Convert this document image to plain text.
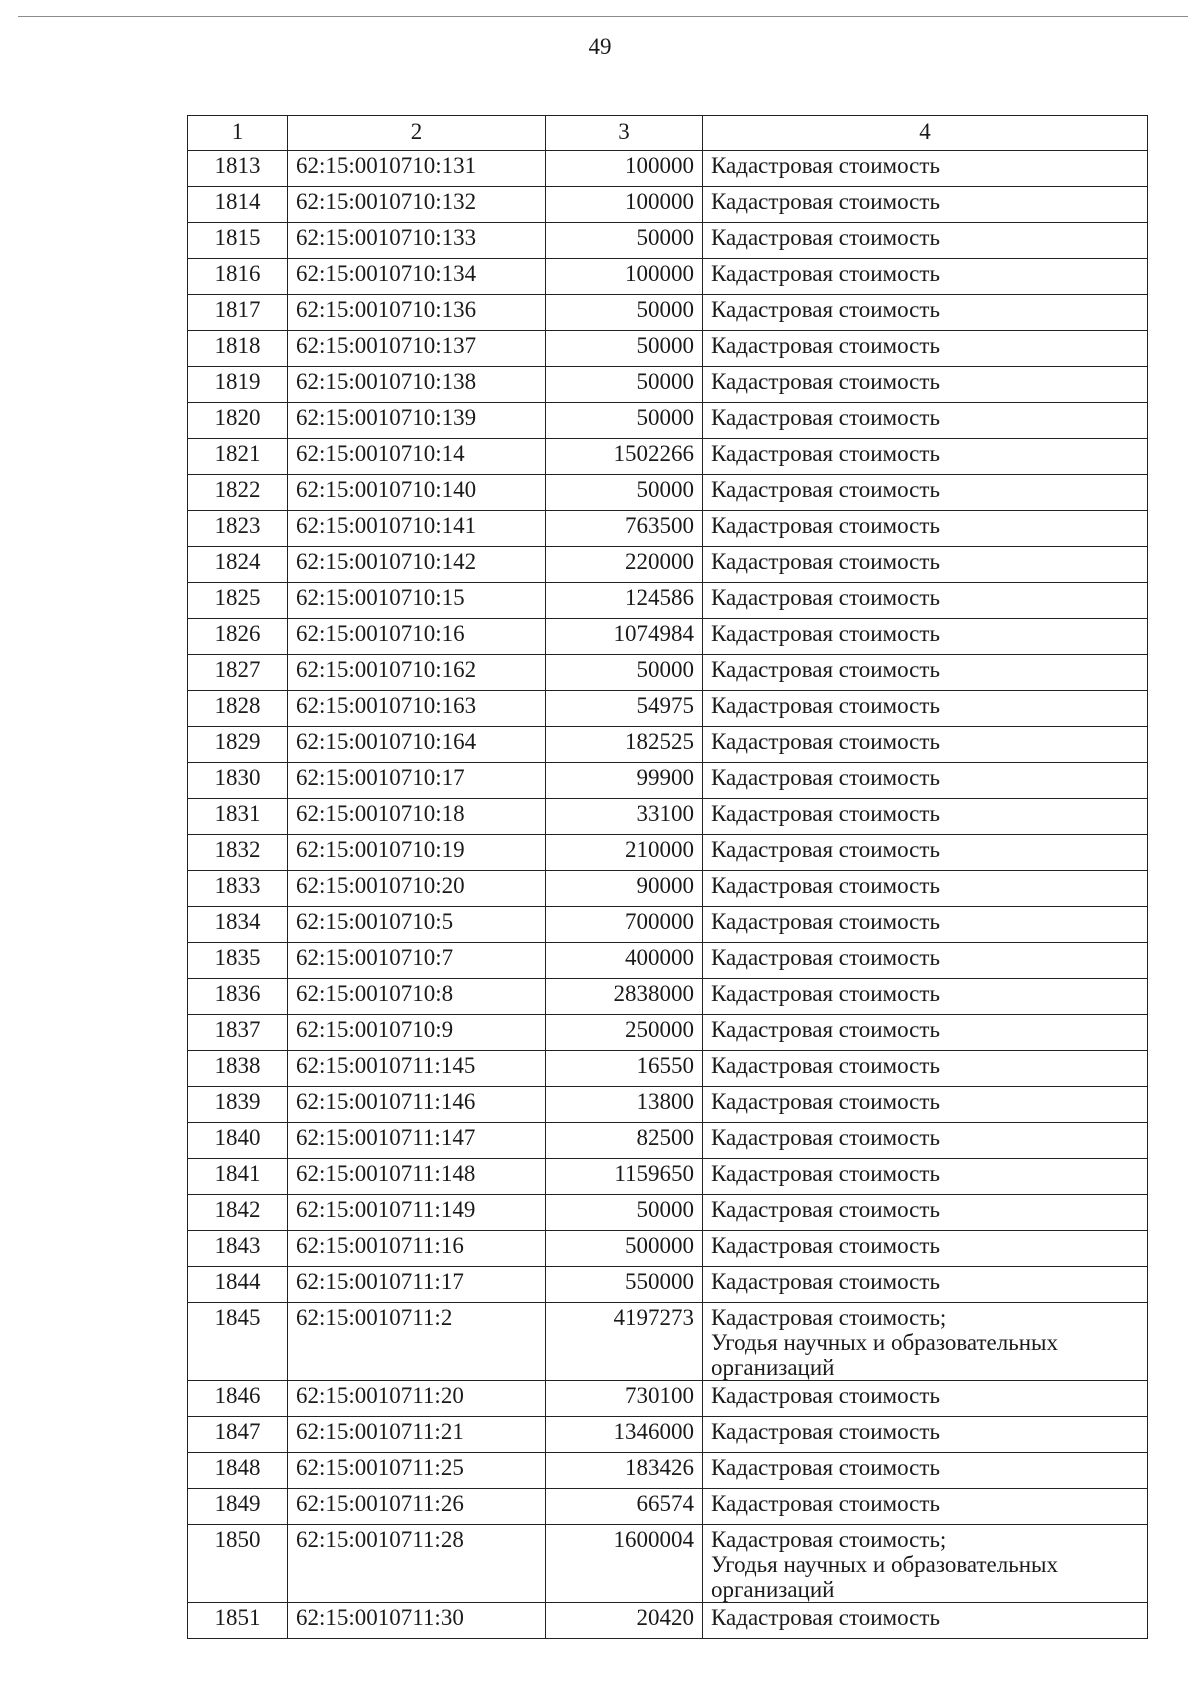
49
1	2	3	4
1813	62:15:0010710:131	100000	Кадастровая стоимость

1814	62:15:0010710:132	100000	Кадастровая стоимость

1815	62:15:0010710:133	50000	Кадастровая стоимость

1816	62:15:0010710:134	100000	Кадастровая стоимость

1817	62:15:0010710:136	50000	Кадастровая стоимость

1818	62:15:0010710:137	50000	Кадастровая стоимость

1819	62:15:0010710:138	50000	Кадастровая стоимость

1820	62:15:0010710:139	50000	Кадастровая стоимость

1821	62:15:0010710:14	1502266	Кадастровая стоимость

1822	62:15:0010710:140	50000	Кадастровая стоимость

1823	62:15:0010710:141	763500	Кадастровая стоимость

1824	62:15:0010710:142	220000	Кадастровая стоимость

1825	62:15:0010710:15	124586	Кадастровая стоимость

1826	62:15:0010710:16	1074984	Кадастровая стоимость

1827	62:15:0010710:162	50000	Кадастровая стоимость

1828	62:15:0010710:163	54975	Кадастровая стоимость

1829	62:15:0010710:164	182525	Кадастровая стоимость

1830	62:15:0010710:17	99900	Кадастровая стоимость

1831	62:15:0010710:18	33100	Кадастровая стоимость

1832	62:15:0010710:19	210000	Кадастровая стоимость

1833	62:15:0010710:20	90000	Кадастровая стоимость

1834	62:15:0010710:5	700000	Кадастровая стоимость

1835	62:15:0010710:7	400000	Кадастровая стоимость

1836	62:15:0010710:8	2838000	Кадастровая стоимость

1837	62:15:0010710:9	250000	Кадастровая стоимость

1838	62:15:0010711:145	16550	Кадастровая стоимость

1839	62:15:0010711:146	13800	Кадастровая стоимость

1840	62:15:0010711:147	82500	Кадастровая стоимость

1841	62:15:0010711:148	1159650	Кадастровая стоимость

1842	62:15:0010711:149	50000	Кадастровая стоимость

1843	62:15:0010711:16	500000	Кадастровая стоимость

1844	62:15:0010711:17	550000	Кадастровая стоимость

1845	62:15:0010711:2	4197273	Кадастровая стоимость;
Угодья научных и образовательных
организаций

1846	62:15:0010711:20	730100	Кадастровая стоимость

1847	62:15:0010711:21	1346000	Кадастровая стоимость

1848	62:15:0010711:25	183426	Кадастровая стоимость

1849	62:15:0010711:26	66574	Кадастровая стоимость

1850	62:15:0010711:28	1600004	Кадастровая стоимость;
Угодья научных и образовательных
организаций

1851	62:15:0010711:30	20420	Кадастровая стоимость
